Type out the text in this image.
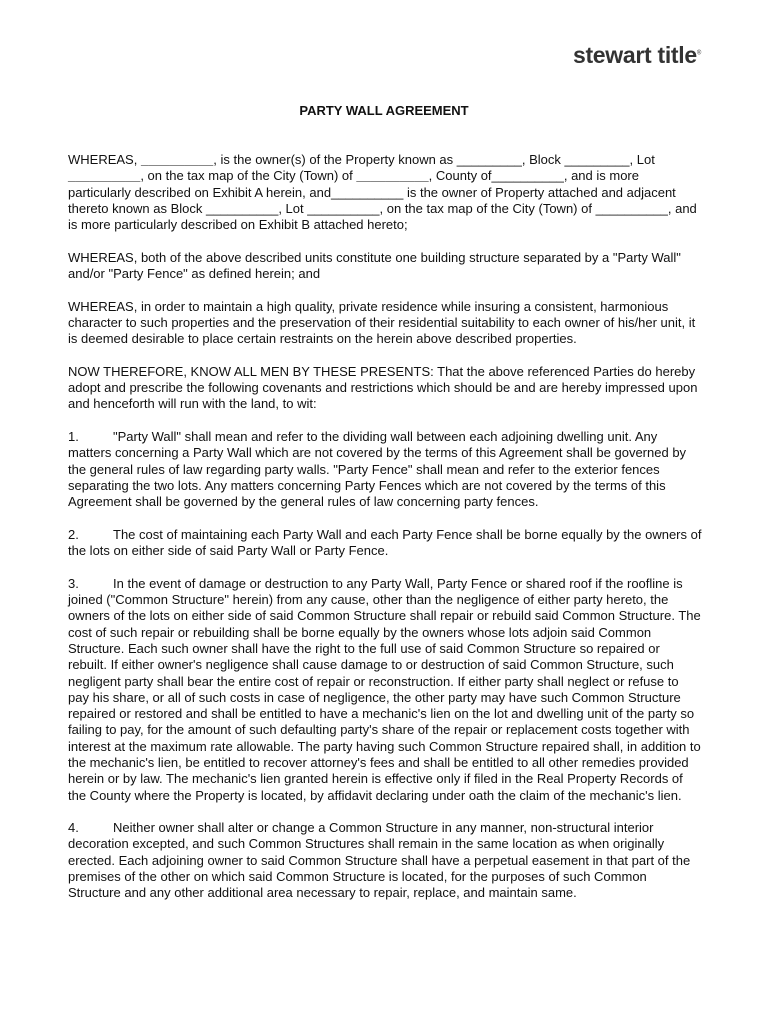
stewart title®
PARTY WALL AGREEMENT

WHEREAS, __________, is the owner(s) of the Property known as _________, Block _________, Lot __________, on the tax map of the City (Town) of __________, County of__________, and is more particularly described on Exhibit A herein, and__________ is the owner of Property attached and adjacent thereto known as Block __________, Lot __________, on the tax map of the City (Town) of __________, and is more particularly described on Exhibit B attached hereto;

WHEREAS, both of the above described units constitute one building structure separated by a "Party Wall" and/or "Party Fence" as defined herein; and

WHEREAS, in order to maintain a high quality, private residence while insuring a consistent, harmonious character to such properties and the preservation of their residential suitability to each owner of his/her unit, it is deemed desirable to place certain restraints on the herein above described properties.

NOW THEREFORE, KNOW ALL MEN BY THESE PRESENTS: That the above referenced Parties do hereby adopt and prescribe the following covenants and restrictions which should be and are hereby impressed upon and henceforth will run with the land, to wit:

1.	"Party Wall" shall mean and refer to the dividing wall between each adjoining dwelling unit. Any matters concerning a Party Wall which are not covered by the terms of this Agreement shall be governed by the general rules of law regarding party walls. "Party Fence" shall mean and refer to the exterior fences separating the two lots. Any matters concerning Party Fences which are not covered by the terms of this Agreement shall be governed by the general rules of law concerning party fences.

2.	The cost of maintaining each Party Wall and each Party Fence shall be borne equally by the owners of the lots on either side of said Party Wall or Party Fence.

3.	In the event of damage or destruction to any Party Wall, Party Fence or shared roof if the roofline is joined ("Common Structure" herein) from any cause, other than the negligence of either party hereto, the owners of the lots on either side of said Common Structure shall repair or rebuild said Common Structure. The cost of such repair or rebuilding shall be borne equally by the owners whose lots adjoin said Common Structure. Each such owner shall have the right to the full use of said Common Structure so repaired or rebuilt. If either owner's negligence shall cause damage to or destruction of said Common Structure, such negligent party shall bear the entire cost of repair or reconstruction. If either party shall neglect or refuse to pay his share, or all of such costs in case of negligence, the other party may have such Common Structure repaired or restored and shall be entitled to have a mechanic's lien on the lot and dwelling unit of the party so failing to pay, for the amount of such defaulting party's share of the repair or replacement costs together with interest at the maximum rate allowable. The party having such Common Structure repaired shall, in addition to the mechanic's lien, be entitled to recover attorney's fees and shall be entitled to all other remedies provided herein or by law. The mechanic's lien granted herein is effective only if filed in the Real Property Records of the County where the Property is located, by affidavit declaring under oath the claim of the mechanic's lien.

4.	Neither owner shall alter or change a Common Structure in any manner, non-structural interior decoration excepted, and such Common Structures shall remain in the same location as when originally erected. Each adjoining owner to said Common Structure shall have a perpetual easement in that part of the premises of the other on which said Common Structure is located, for the purposes of such Common Structure and any other additional area necessary to repair, replace, and maintain same.
